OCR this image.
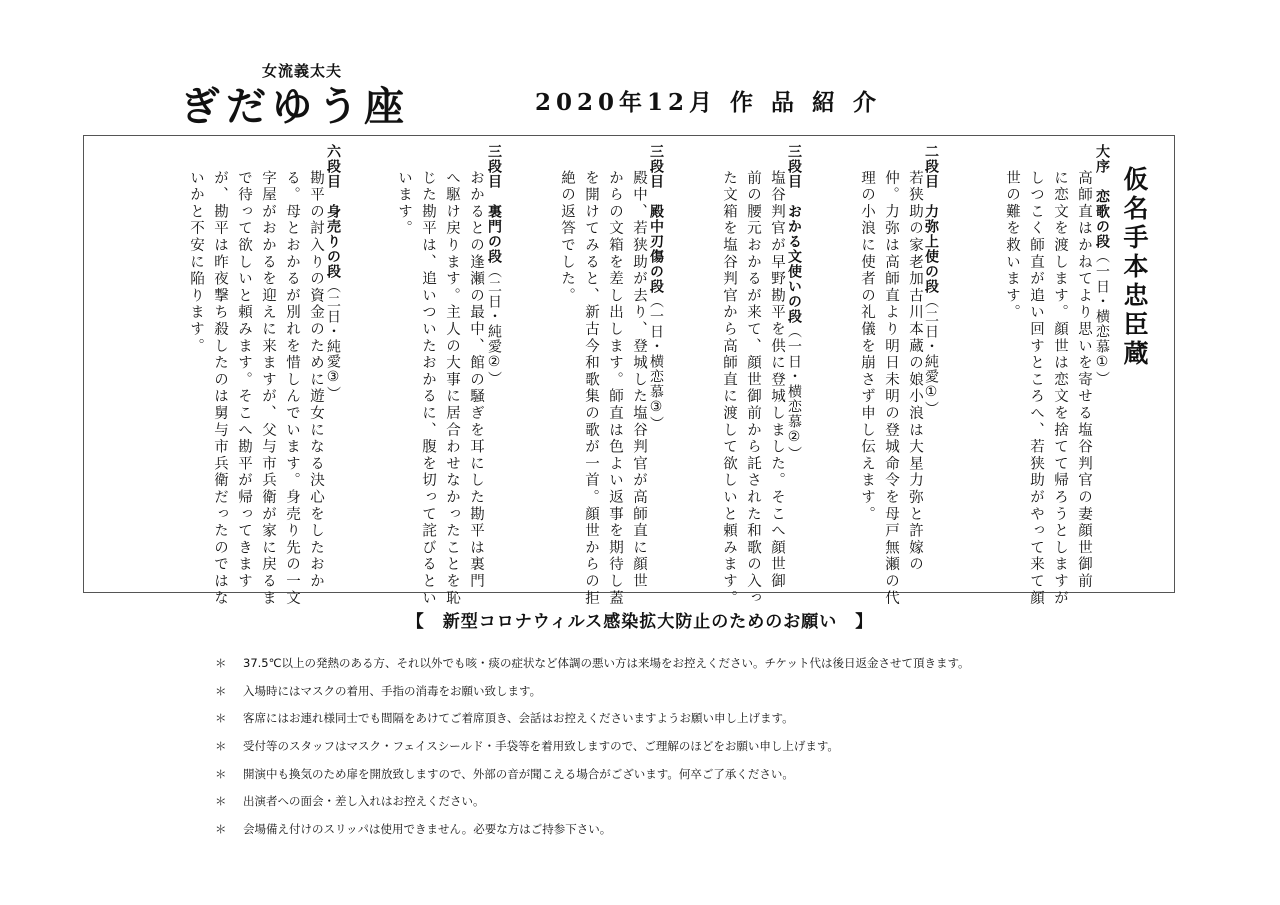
女流義太夫
ぎだゆう座	2020年12月 作 品 紹 介
仮名手本忠臣蔵
大序　恋歌の段（一日・横恋慕①）
高師直はかねてより思いを寄せる塩谷判官の妻顔世御前
に恋文を渡します。顔世は恋文を捨てて帰ろうとしますが
しつこく師直が追い回すところへ、若狭助がやって来て顔
世の難を救います。
二段目　力弥上使の段（二日・純愛①）
若狭助の家老加古川本蔵の娘小浪は大星力弥と許嫁の
仲。力弥は高師直より明日未明の登城命令を母戸無瀬の代
理の小浪に使者の礼儀を崩さず申し伝えます。
三段目　おかる文使いの段（一日・横恋慕②）
塩谷判官が早野勘平を供に登城しました。そこへ顔世御
前の腰元おかるが来て、顔世御前から託された和歌の入っ
た文箱を塩谷判官から高師直に渡して欲しいと頼みます。
三段目　殿中刃傷の段（一日・横恋慕③）
殿中、若狭助が去り、登城した塩谷判官が高師直に顔世
からの文箱を差し出します。師直は色よい返事を期待し蓋
を開けてみると、新古今和歌集の歌が一首。顔世からの拒
絶の返答でした。
三段目　裏門の段（二日・純愛②）
おかるとの逢瀬の最中、館の騒ぎを耳にした勘平は裏門
へ駆け戻ります。主人の大事に居合わせなかったことを恥
じた勘平は、追いついたおかるに、腹を切って詫びるとい
います。
六段目　身売りの段（二日・純愛③）
勘平の討入りの資金のために遊女になる決心をしたおか
る。母とおかるが別れを惜しんでいます。身売り先の一文
字屋がおかるを迎えに来ますが、父与市兵衛が家に戻るま
で待って欲しいと頼みます。そこへ勘平が帰ってきます
が、勘平は昨夜撃ち殺したのは舅与市兵衛だったのではな
いかと不安に陥ります。
【　新型コロナウィルス感染拡大防止のためのお願い　】
＊ 37.5℃以上の発熱のある方、それ以外でも咳・痰の症状など体調の悪い方は来場をお控えください。チケット代は後日返金させて頂きます。
＊ 入場時にはマスクの着用、手指の消毒をお願い致します。
＊ 客席にはお連れ様同士でも間隔をあけてご着席頂き、会話はお控えくださいますようお願い申し上げます。
＊ 受付等のスタッフはマスク・フェイスシールド・手袋等を着用致しますので、ご理解のほどをお願い申し上げます。
＊ 開演中も換気のため扉を開放致しますので、外部の音が聞こえる場合がございます。何卒ご了承ください。
＊ 出演者への面会・差し入れはお控えください。
＊ 会場備え付けのスリッパは使用できません。必要な方はご持参下さい。
